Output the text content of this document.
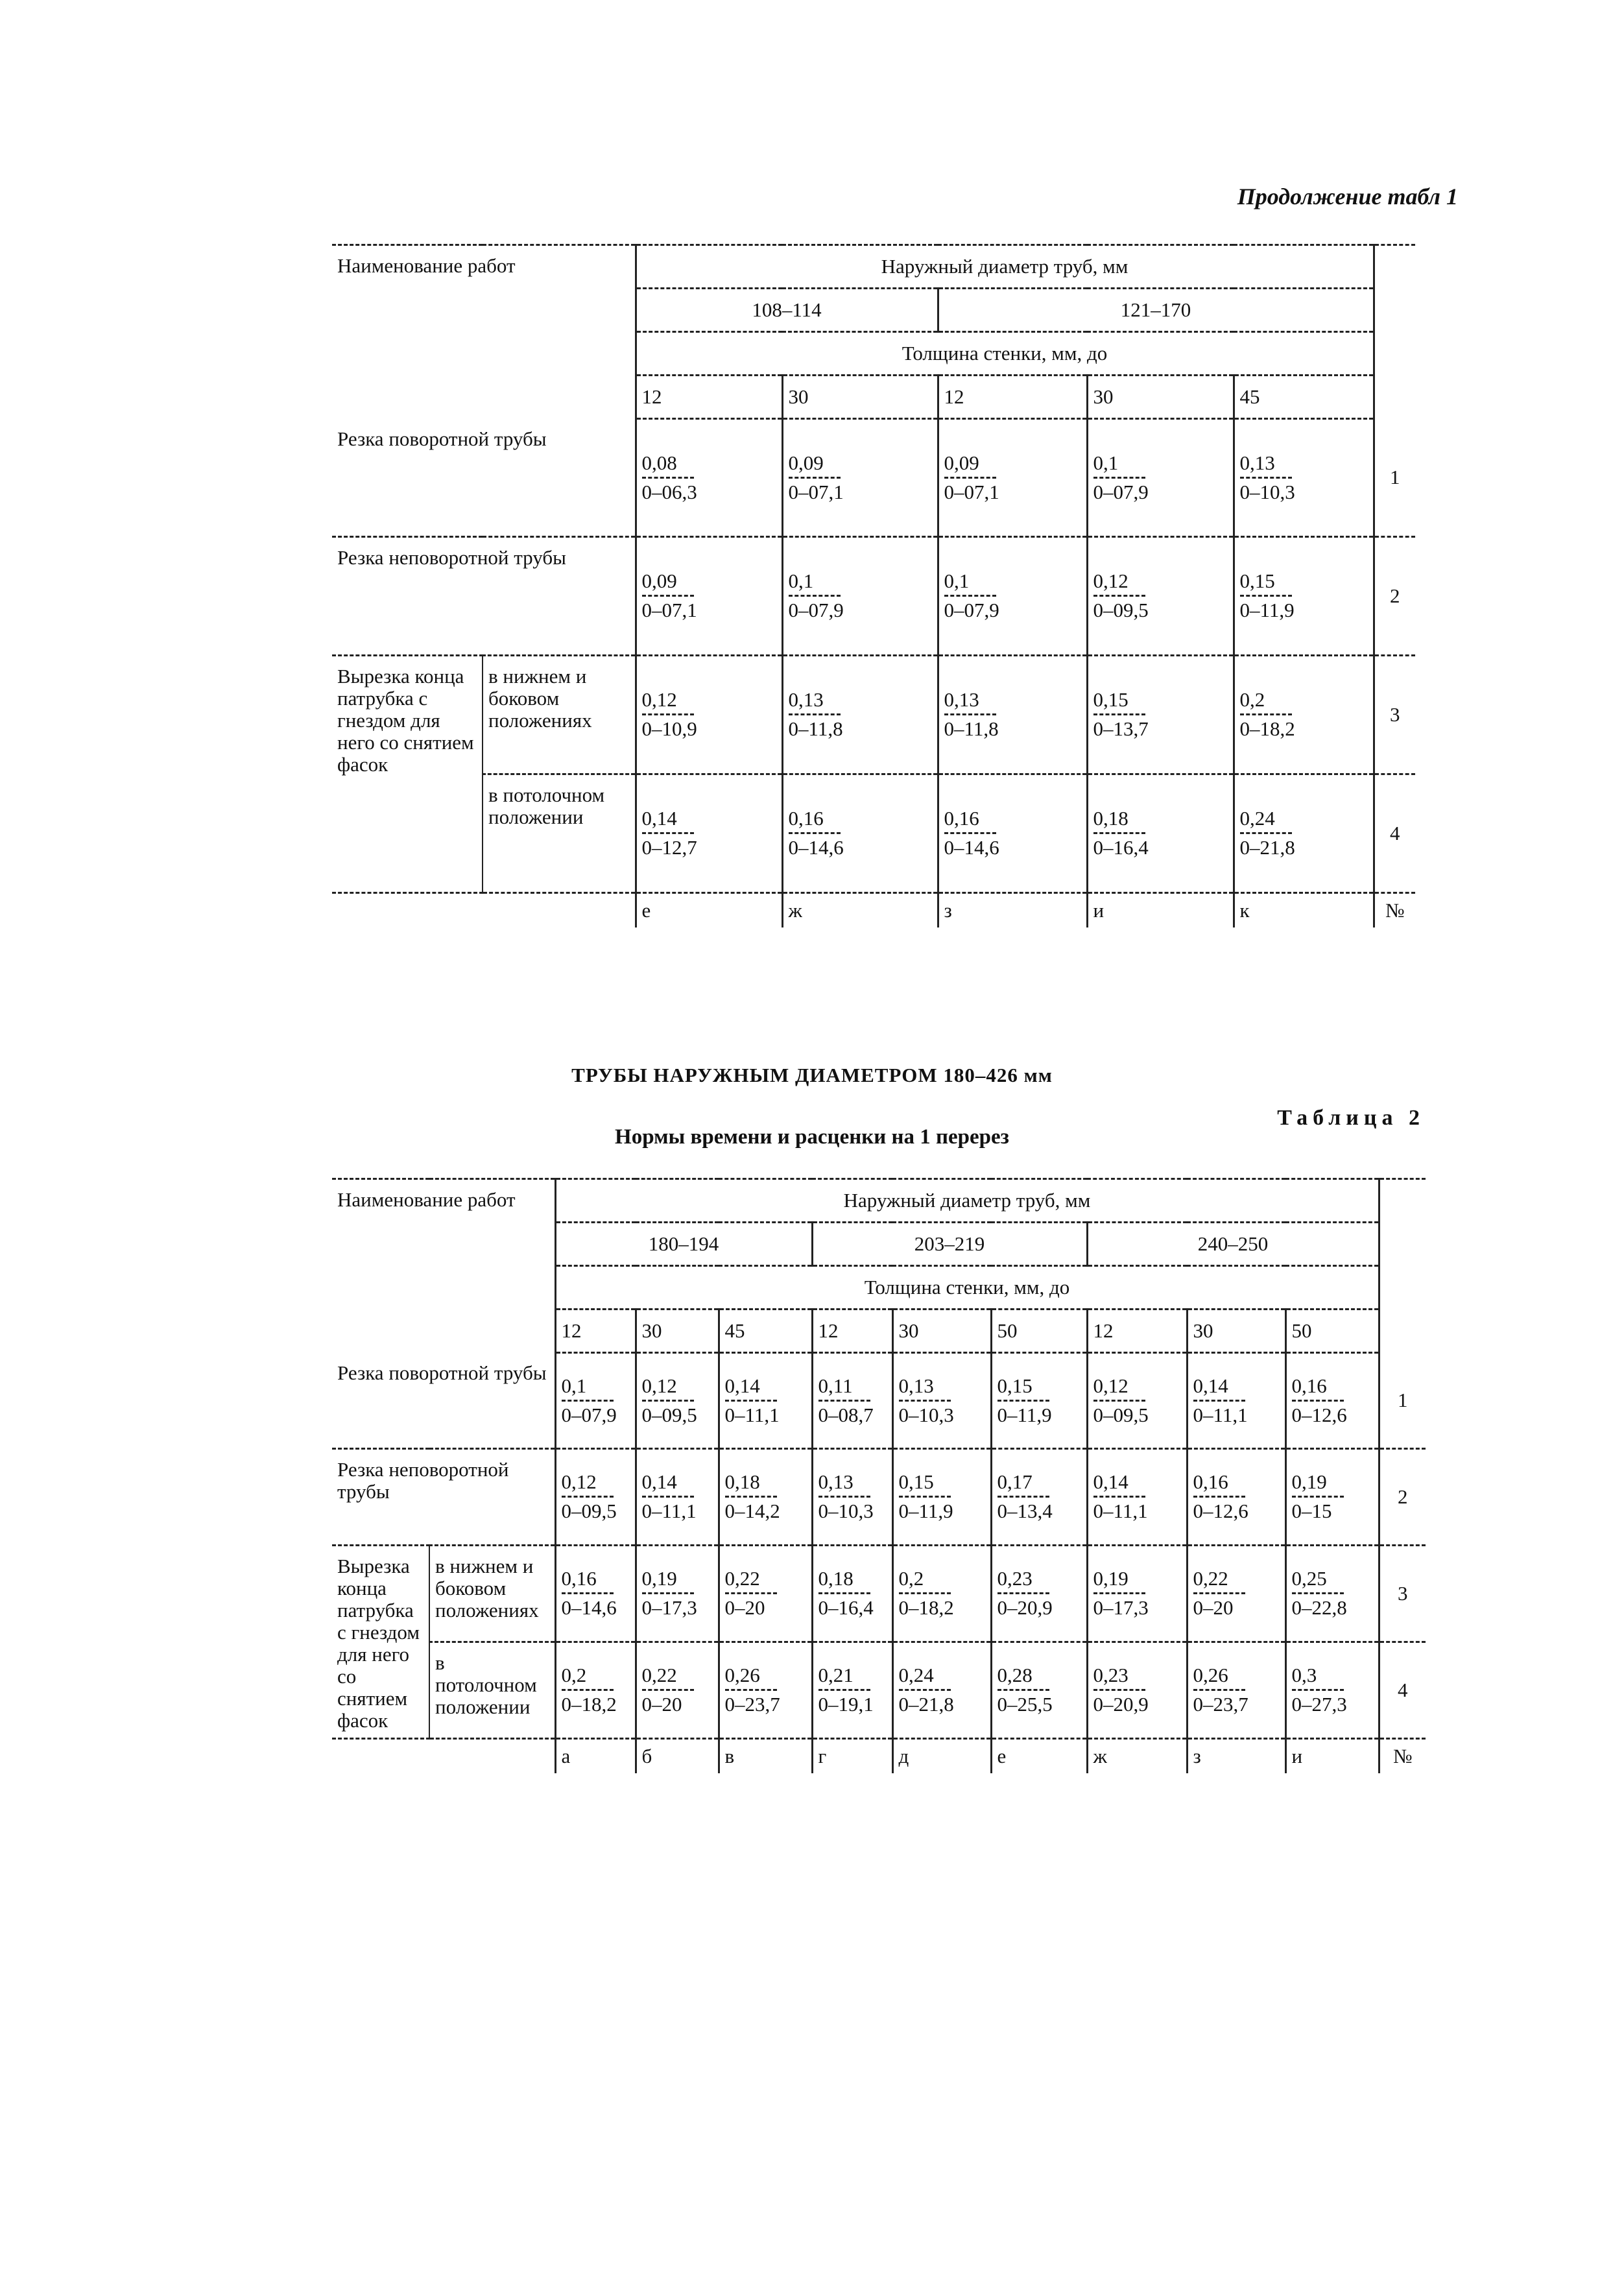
Продолжение табл 1
Наименование работ		Наружный диаметр труб, мм					
		108–114		121–170			
		Толщина стенки, мм, до					
		12	30	12	30	45	
Резка поворотной трубы		$\frac{0,08}{0-06,3}$	$\frac{0,09}{0-07,1}$	$\frac{0,09}{0-07,1}$	$\frac{0,1}{0-07,9}$	$\frac{0,13}{0-10,3}$	1
Резка неповоротной трубы		$\frac{0,09}{0-07,1}$	$\frac{0,1}{0-07,9}$	$\frac{0,1}{0-07,9}$	$\frac{0,12}{0-09,5}$	$\frac{0,15}{0-11,9}$	2
Вырезка конца патрубка с гнездом для него со снятием фасок	в нижнем и боковом положениях	$\frac{0,12}{0-10,9}$	$\frac{0,13}{0-11,8}$	$\frac{0,13}{0-11,8}$	$\frac{0,15}{0-13,7}$	$\frac{0,2}{0-18,2}$	3
	в потолочном положении	$\frac{0,14}{0-12,7}$	$\frac{0,16}{0-14,6}$	$\frac{0,16}{0-14,6}$	$\frac{0,18}{0-16,4}$	$\frac{0,24}{0-21,8}$	4
		е	ж	з	и	к	№
ТРУБЫ НАРУЖНЫМ ДИАМЕТРОМ 180–426 мм
Таблица 2
Нормы времени и расценки на 1 перерез
Наименование работ		Наружный диаметр труб, мм									
		180–194			203–219			240–250			
		Толщина стенки, мм, до									
		12	30	45	12	30	50	12	30	50	
Резка поворотной трубы		$\frac{0,1}{0-07,9}$	$\frac{0,12}{0-09,5}$	$\frac{0,14}{0-11,1}$	$\frac{0,11}{0-08,7}$	$\frac{0,13}{0-10,3}$	$\frac{0,15}{0-11,9}$	$\frac{0,12}{0-09,5}$	$\frac{0,14}{0-11,1}$	$\frac{0,16}{0-12,6}$	1
Резка неповоротной трубы		$\frac{0,12}{0-09,5}$	$\frac{0,14}{0-11,1}$	$\frac{0,18}{0-14,2}$	$\frac{0,13}{0-10,3}$	$\frac{0,15}{0-11,9}$	$\frac{0,17}{0-13,4}$	$\frac{0,14}{0-11,1}$	$\frac{0,16}{0-12,6}$	$\frac{0,19}{0-15}$	2
Вырезка конца патрубка с гнездом для него со снятием фасок	в нижнем и боковом положениях	$\frac{0,16}{0-14,6}$	$\frac{0,19}{0-17,3}$	$\frac{0,22}{0-20}$	$\frac{0,18}{0-16,4}$	$\frac{0,2}{0-18,2}$	$\frac{0,23}{0-20,9}$	$\frac{0,19}{0-17,3}$	$\frac{0,22}{0-20}$	$\frac{0,25}{0-22,8}$	3
	в потолочном положении	$\frac{0,2}{0-18,2}$	$\frac{0,22}{0-20}$	$\frac{0,26}{0-23,7}$	$\frac{0,21}{0-19,1}$	$\frac{0,24}{0-21,8}$	$\frac{0,28}{0-25,5}$	$\frac{0,23}{0-20,9}$	$\frac{0,26}{0-23,7}$	$\frac{0,3}{0-27,3}$	4
		а	б	в	г	д	е	ж	з	и	№
